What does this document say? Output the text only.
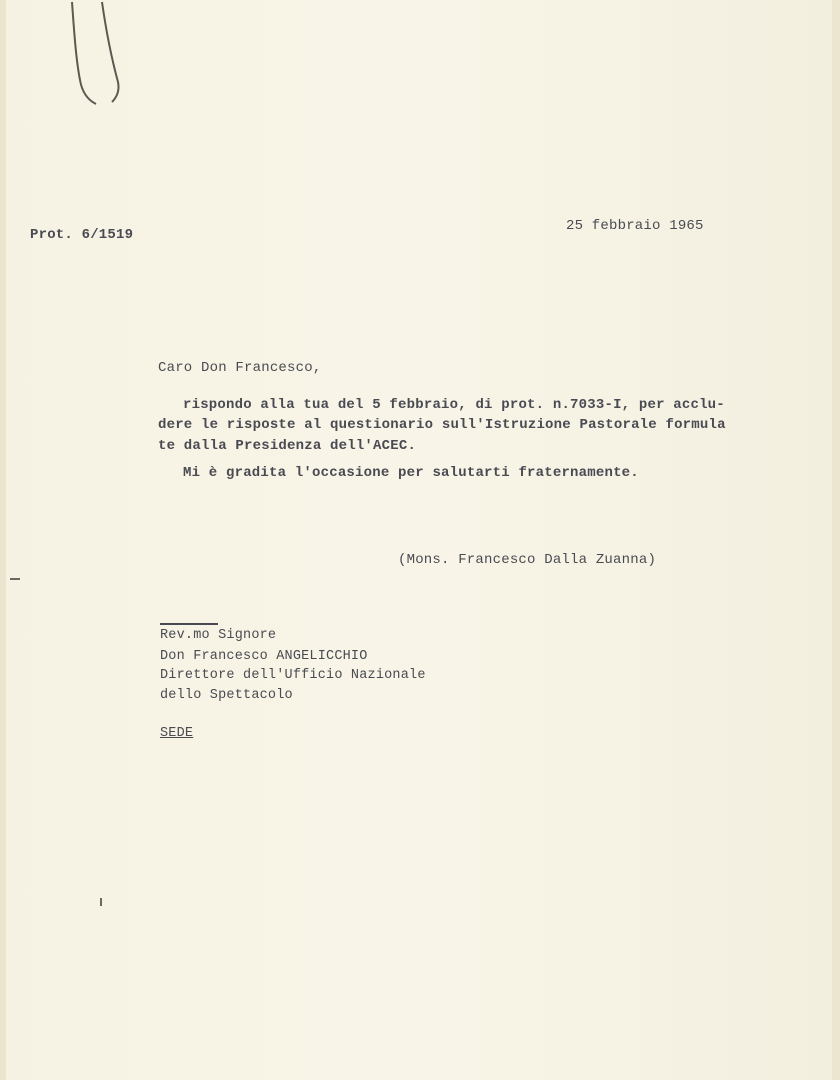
Prot. 6/1519
25 febbraio 1965
Caro Don Francesco,
rispondo alla tua del 5 febbraio, di prot. n.7033-I, per acclu-
dere le risposte al questionario sull'Istruzione Pastorale formula
te dalla Presidenza dell'ACEC.
Mi è gradita l'occasione per salutarti fraternamente.
(Mons. Francesco Dalla Zuanna)
Rev.mo Signore
Don Francesco ANGELICCHIO
Direttore dell'Ufficio Nazionale
dello Spettacolo
SEDE
